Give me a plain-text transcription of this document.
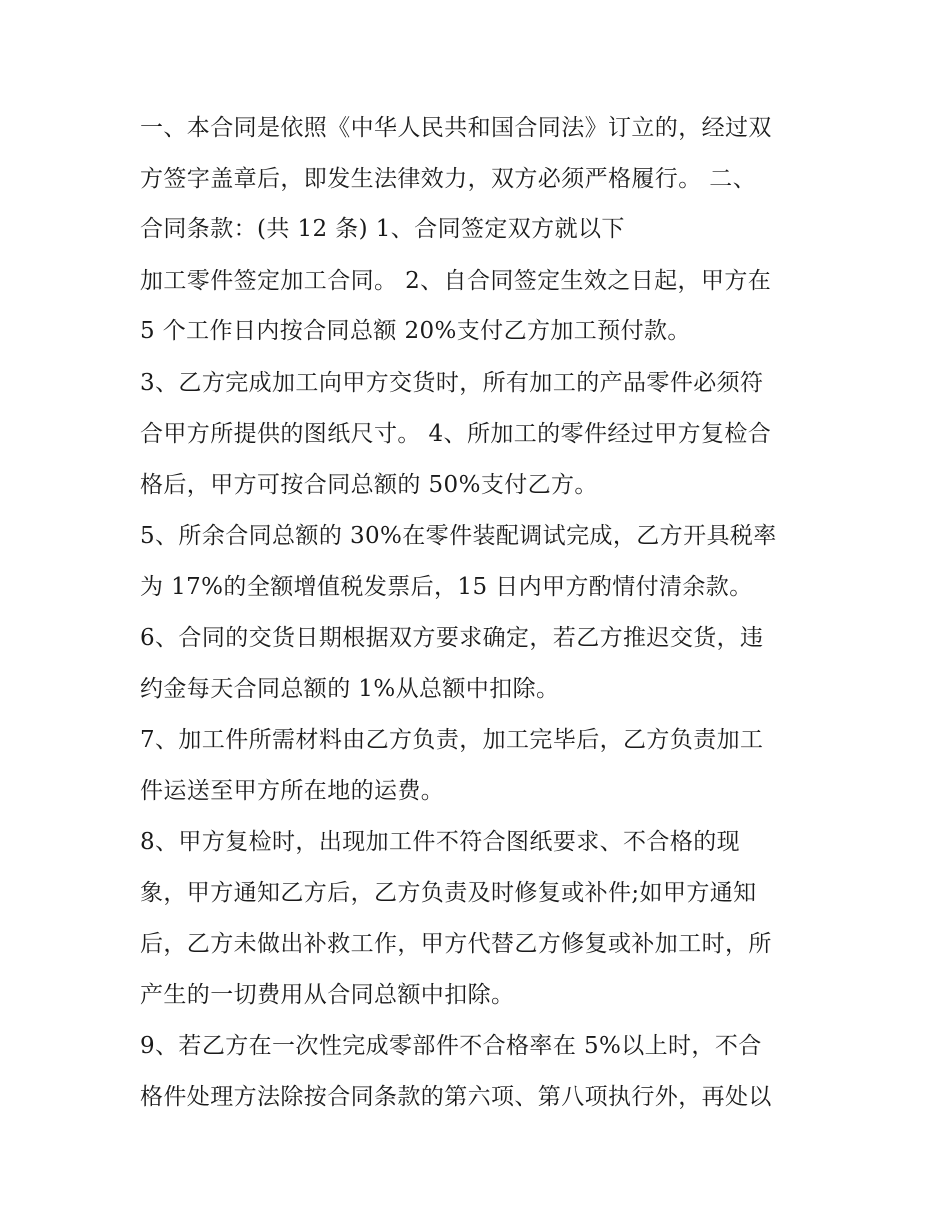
一、本合同是依照《中华人民共和国合同法》订立的，经过双
方签字盖章后，即发生法律效力，双方必须严格履行。 二、
合同条款：(共 12 条) 1、合同签定双方就以下
加工零件签定加工合同。 2、自合同签定生效之日起，甲方在
5 个工作日内按合同总额 20%支付乙方加工预付款。
3、乙方完成加工向甲方交货时，所有加工的产品零件必须符
合甲方所提供的图纸尺寸。 4、所加工的零件经过甲方复检合
格后，甲方可按合同总额的 50%支付乙方。
5、所余合同总额的 30%在零件装配调试完成，乙方开具税率
为 17%的全额增值税发票后，15 日内甲方酌情付清余款。
6、合同的交货日期根据双方要求确定，若乙方推迟交货，违
约金每天合同总额的 1%从总额中扣除。
7、加工件所需材料由乙方负责，加工完毕后，乙方负责加工
件运送至甲方所在地的运费。
8、甲方复检时，出现加工件不符合图纸要求、不合格的现
象，甲方通知乙方后，乙方负责及时修复或补件;如甲方通知
后，乙方未做出补救工作，甲方代替乙方修复或补加工时，所
产生的一切费用从合同总额中扣除。
9、若乙方在一次性完成零部件不合格率在 5%以上时，不合
格件处理方法除按合同条款的第六项、第八项执行外，再处以
